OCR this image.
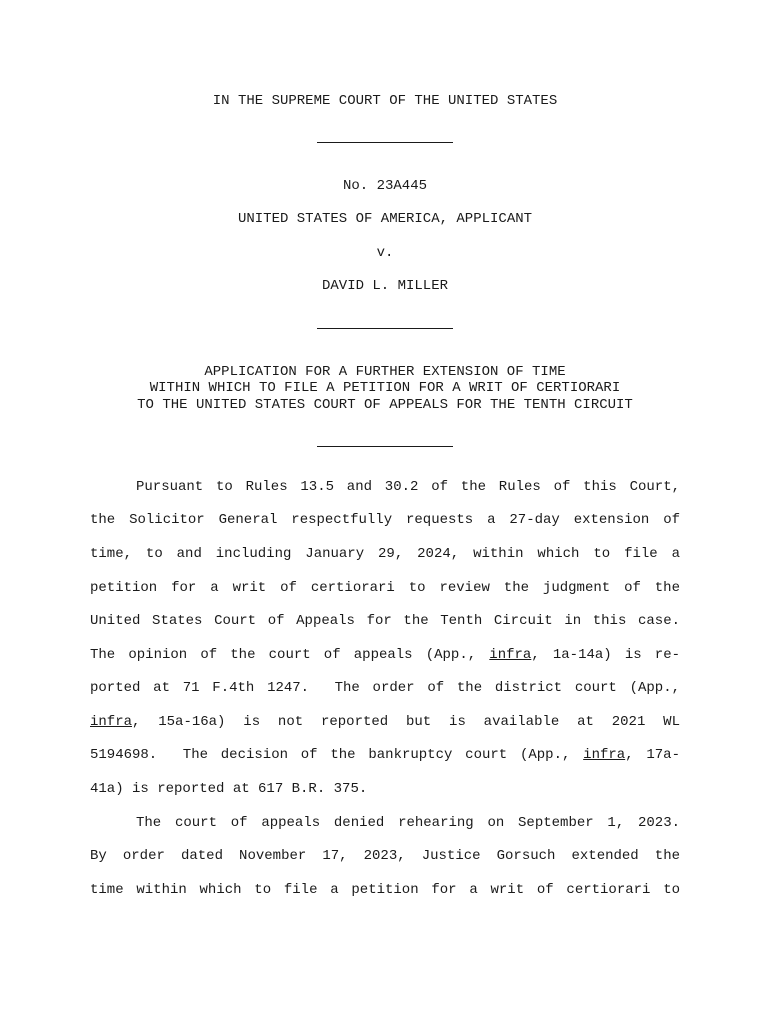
IN THE SUPREME COURT OF THE UNITED STATES
No. 23A445
UNITED STATES OF AMERICA, APPLICANT
v.
DAVID L. MILLER
APPLICATION FOR A FURTHER EXTENSION OF TIME
WITHIN WHICH TO FILE A PETITION FOR A WRIT OF CERTIORARI
TO THE UNITED STATES COURT OF APPEALS FOR THE TENTH CIRCUIT
Pursuant to Rules 13.5 and 30.2 of the Rules of this Court,
the Solicitor General respectfully requests a 27-day extension of
time, to and including January 29, 2024, within which to file a
petition for a writ of certiorari to review the judgment of the
United States Court of Appeals for the Tenth Circuit in this case.
The opinion of the court of appeals (App., infra, 1a-14a) is re-
ported at 71 F.4th 1247.  The order of the district court (App.,
infra, 15a-16a) is not reported but is available at 2021 WL
5194698.  The decision of the bankruptcy court (App., infra, 17a-
41a) is reported at 617 B.R. 375.
The court of appeals denied rehearing on September 1, 2023.
By order dated November 17, 2023, Justice Gorsuch extended the
time within which to file a petition for a writ of certiorari to
